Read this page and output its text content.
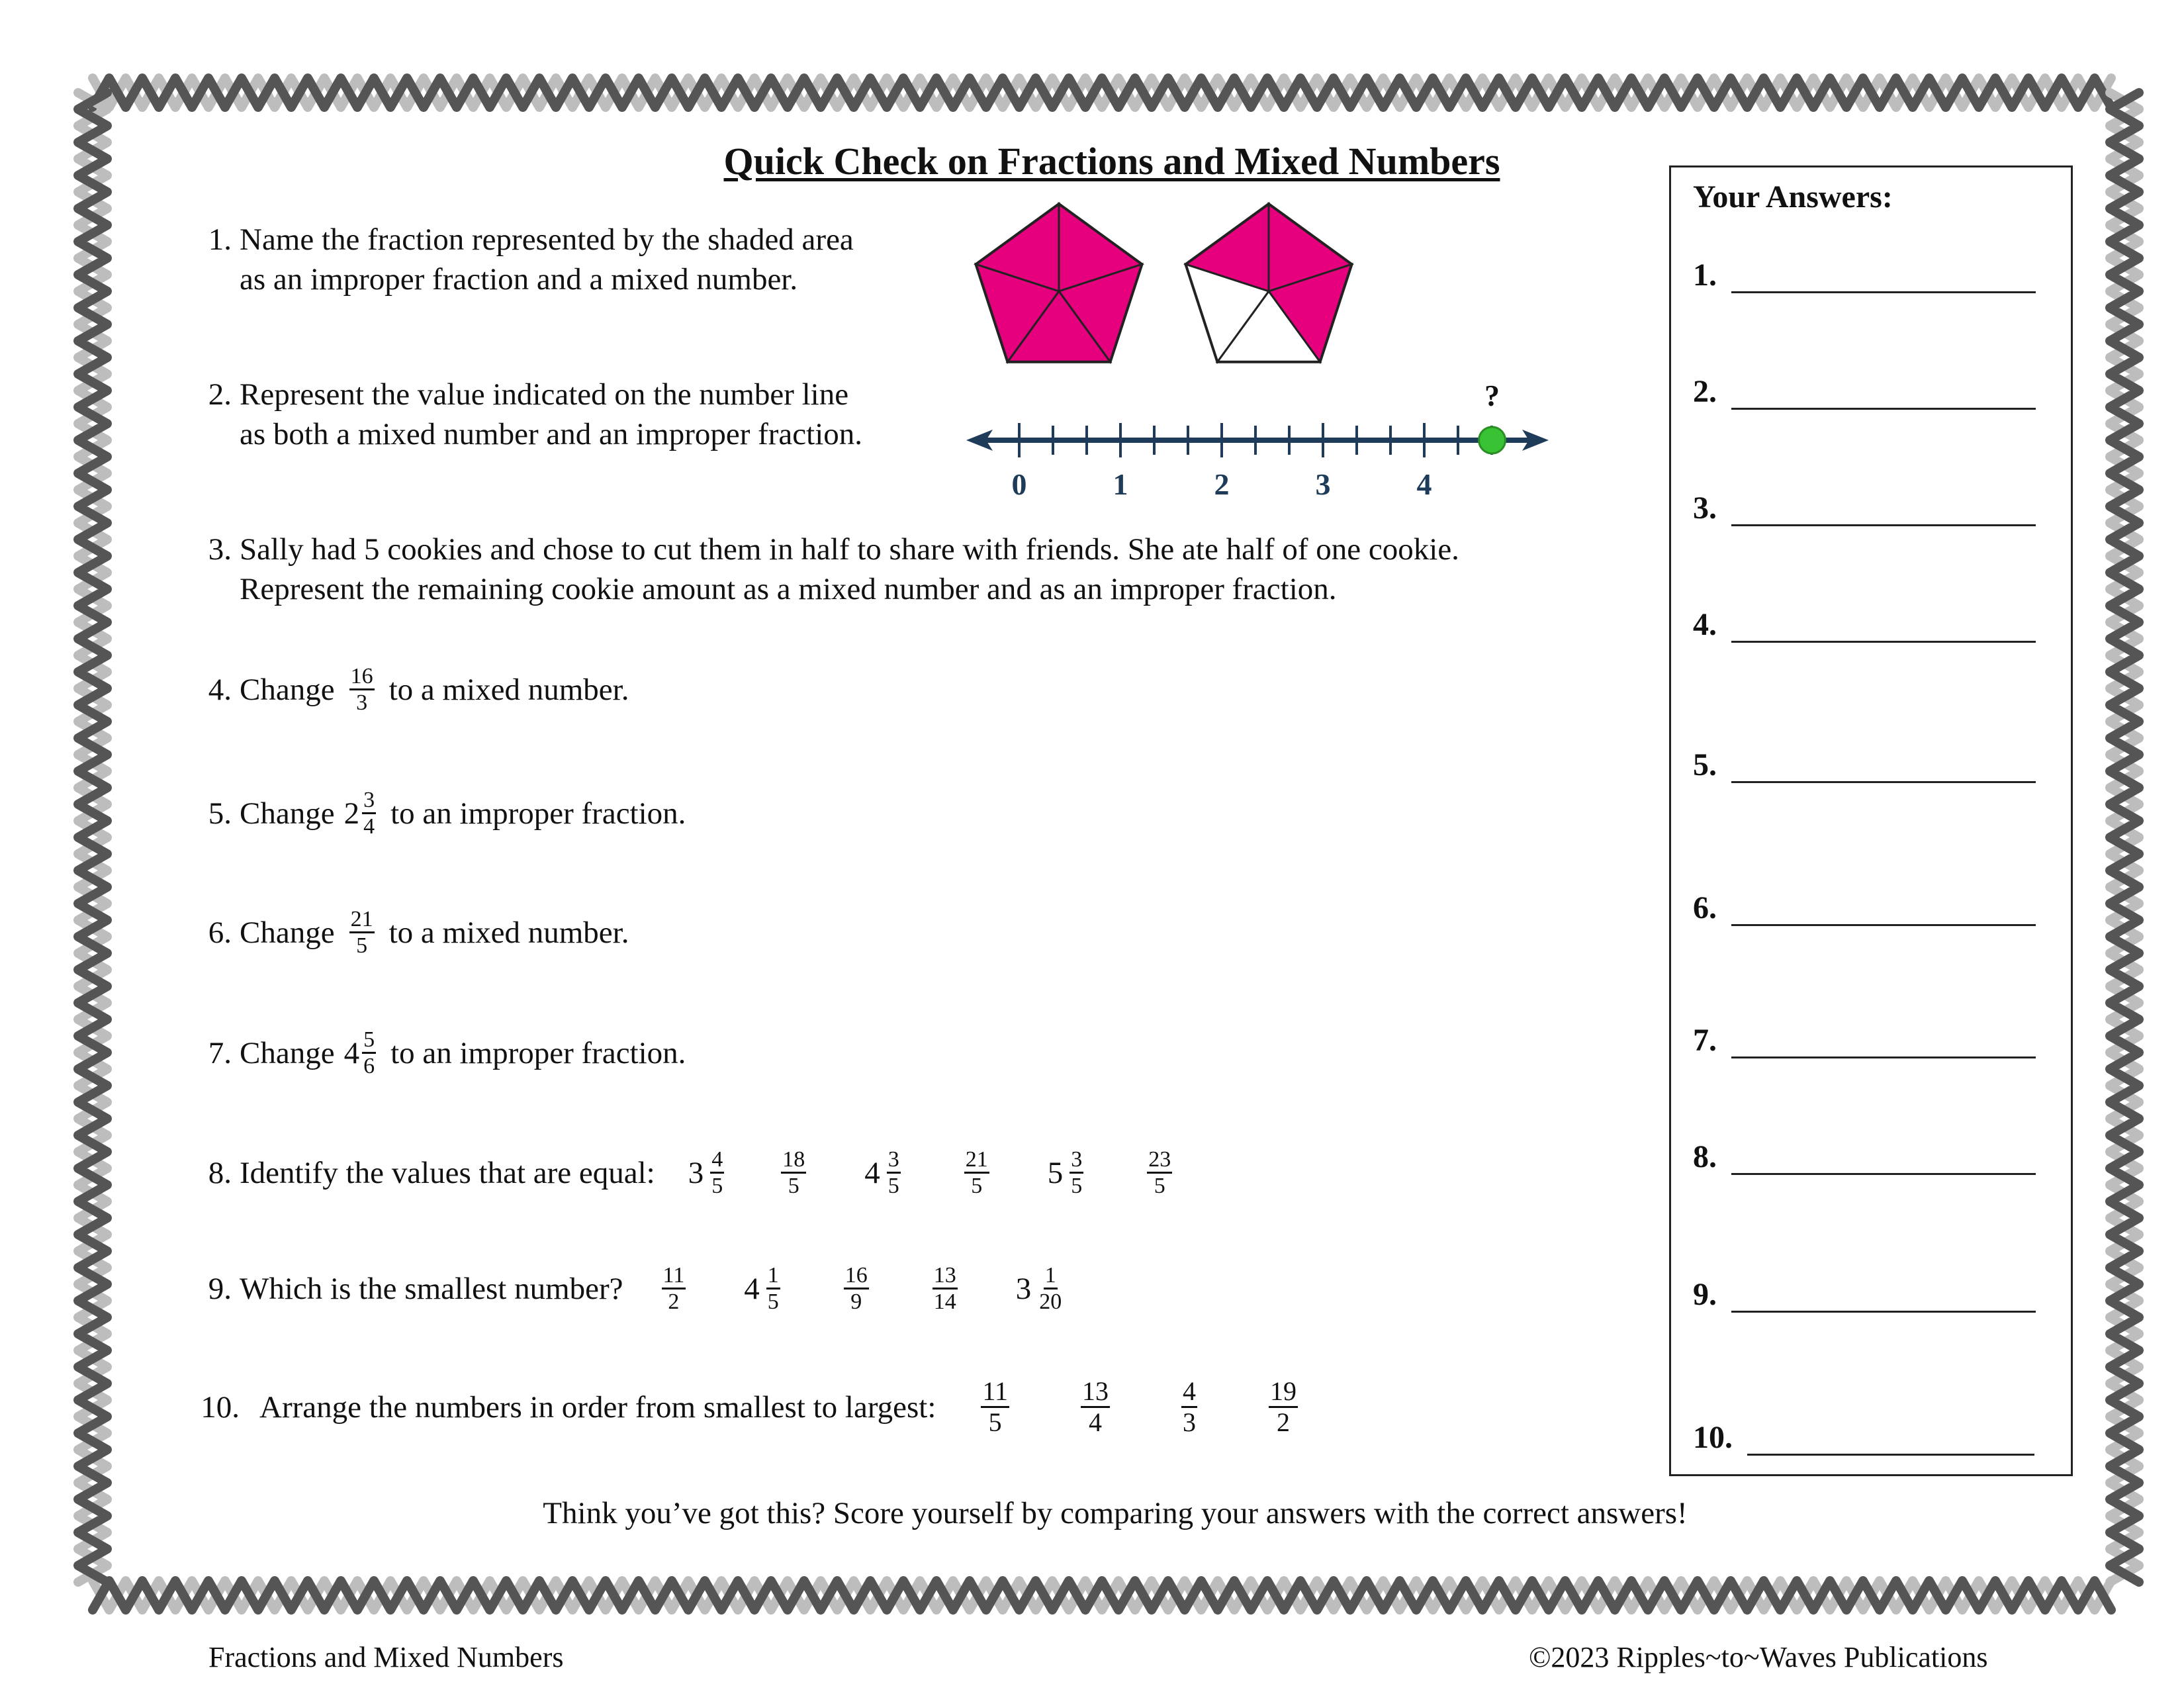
Quick Check on Fractions and Mixed Numbers
1. Name the fraction represented by the shaded area
as an improper fraction and a mixed number.
2. Represent the value indicated on the number line
as both a mixed number and an improper fraction.
?
0	1	2	3	4
3. Sally had 5 cookies and chose to cut them in half to share with friends. She ate half of one cookie.
Represent the remaining cookie amount as a mixed number and as an improper fraction.
4. Change $\frac{16}{3}$ to a mixed number.
5. Change $2 \frac{3}{4}$ to an improper fraction.
6. Change $\frac{21}{5}$ to a mixed number.
7. Change $4 \frac{5}{6}$ to an improper fraction.
8. Identify the values that are equal: $3 \frac{4}{5}$	$\frac{18}{5} 4 \frac{3}{5}$	$\frac{21}{5} 5 \frac{3}{5}$	$\frac{23}{5}$
9. Which is the smallest number? $\frac{11}{2} 4 \frac{1}{5}$	$\frac{16}{9}$	$\frac{13}{14} 3 \frac{1}{20}$
10. Arrange the numbers in order from smallest to largest: $\frac{11}{5}$	$\frac{13}{4}$	$\frac{4}{3}$	$\frac{19}{2}$
Your Answers:
1.
2.
3.
4.
5.
6.
7.
8.
9.
10.
Think you’ve got this? Score yourself by comparing your answers with the correct answers!
Fractions and Mixed Numbers	©2023 Ripples~to~Waves Publications
